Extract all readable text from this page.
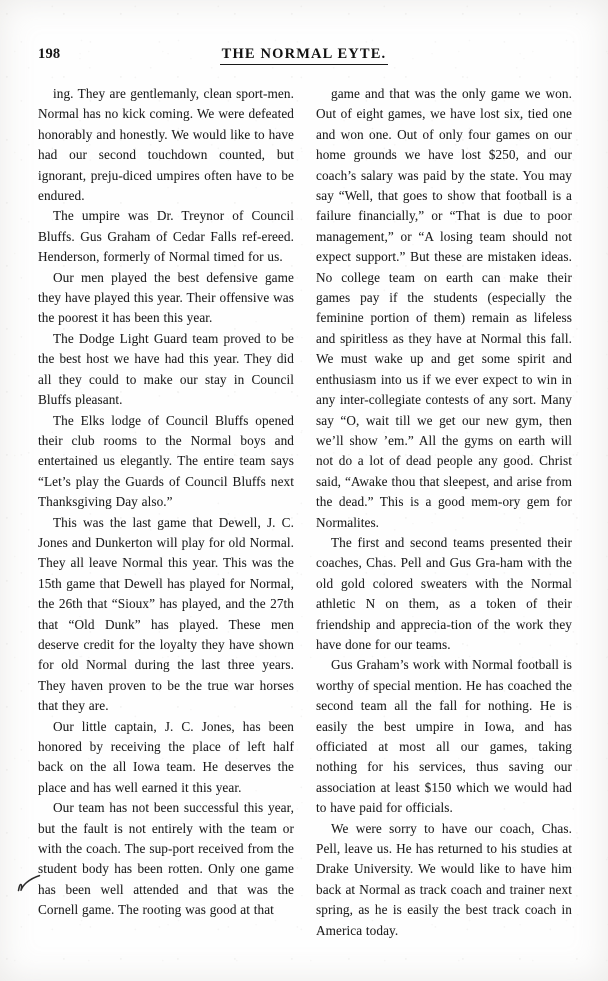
198	THE NORMAL EYTE.

ing. They are gentlemanly, clean sport-men. Normal has no kick coming. We were defeated honorably and honestly. We would like to have had our second touchdown counted, but ignorant, preju-diced umpires often have to be endured.

The umpire was Dr. Treynor of Council Bluffs. Gus Graham of Cedar Falls ref-ereed. Henderson, formerly of Normal timed for us.

Our men played the best defensive game they have played this year. Their offensive was the poorest it has been this year.

The Dodge Light Guard team proved to be the best host we have had this year. They did all they could to make our stay in Council Bluffs pleasant.

The Elks lodge of Council Bluffs opened their club rooms to the Normal boys and entertained us elegantly. The entire team says “Let’s play the Guards of Council Bluffs next Thanksgiving Day also.”

This was the last game that Dewell, J. C. Jones and Dunkerton will play for old Normal. They all leave Normal this year. This was the 15th game that Dewell has played for Normal, the 26th that “Sioux” has played, and the 27th that “Old Dunk” has played. These men deserve credit for the loyalty they have shown for old Normal during the last three years. They haven proven to be the true war horses that they are.

Our little captain, J. C. Jones, has been honored by receiving the place of left half back on the all Iowa team. He deserves the place and has well earned it this year.

Our team has not been successful this year, but the fault is not entirely with the team or with the coach. The sup-port received from the student body has been rotten. Only one game has been well attended and that was the Cornell game. The rooting was good at that

game and that was the only game we won. Out of eight games, we have lost six, tied one and won one. Out of only four games on our home grounds we have lost $250, and our coach’s salary was paid by the state. You may say “Well, that goes to show that football is a failure financially,” or “That is due to poor management,” or “A losing team should not expect support.” But these are mistaken ideas. No college team on earth can make their games pay if the students (especially the feminine portion of them) remain as lifeless and spiritless as they have at Normal this fall. We must wake up and get some spirit and enthusiasm into us if we ever expect to win in any inter-collegiate contests of any sort. Many say “O, wait till we get our new gym, then we’ll show ’em.” All the gyms on earth will not do a lot of dead people any good. Christ said, “Awake thou that sleepest, and arise from the dead.” This is a good mem-ory gem for Normalites.

The first and second teams presented their coaches, Chas. Pell and Gus Gra-ham with the old gold colored sweaters with the Normal athletic N on them, as a token of their friendship and apprecia-tion of the work they have done for our teams.

Gus Graham’s work with Normal football is worthy of special mention. He has coached the second team all the fall for nothing. He is easily the best umpire in Iowa, and has officiated at most all our games, taking nothing for his services, thus saving our association at least $150 which we would had to have paid for officials.

We were sorry to have our coach, Chas. Pell, leave us. He has returned to his studies at Drake University. We would like to have him back at Normal as track coach and trainer next spring, as he is easily the best track coach in America today.
